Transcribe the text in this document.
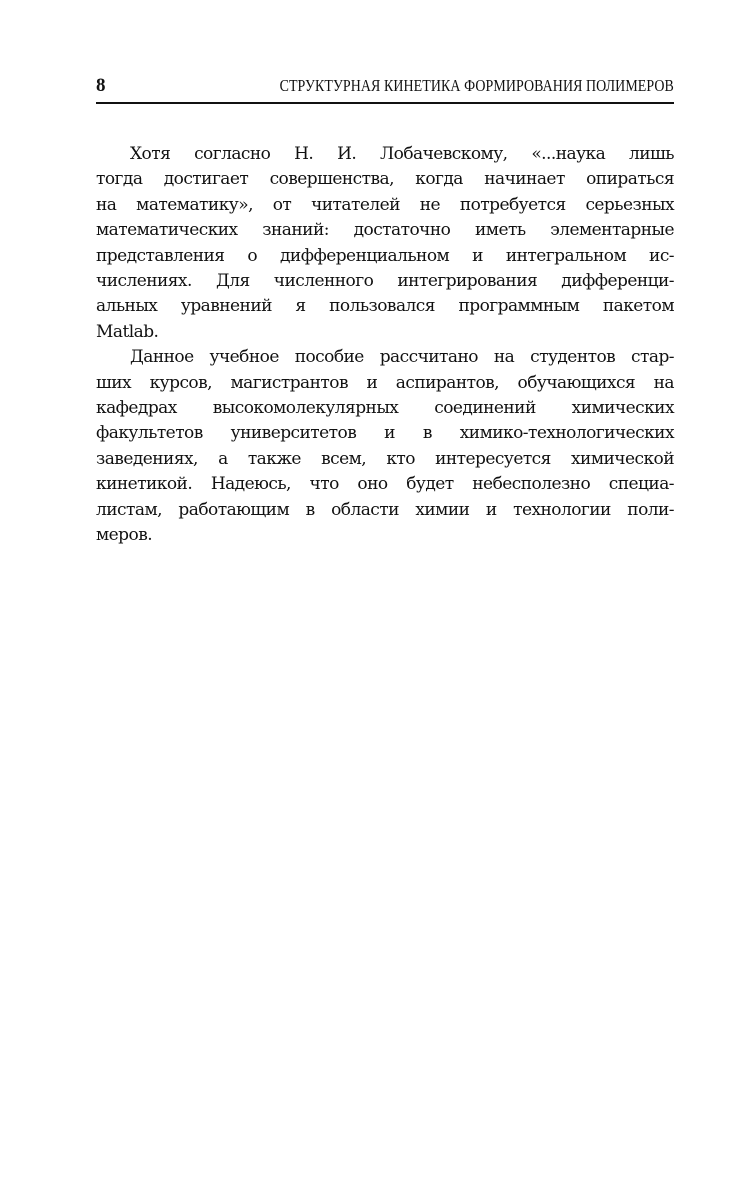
8	СТРУКТУРНАЯ КИНЕТИКА ФОРМИРОВАНИЯ ПОЛИМЕРОВ
Хотя согласно Н. И. Лобачевскому, «...наука лишь
тогда достигает совершенства, когда начинает опираться
на математику», от читателей не потребуется серьезных
математических знаний: достаточно иметь элементарные
представления о дифференциальном и интегральном ис-
числениях. Для численного интегрирования дифференци-
альных уравнений я пользовался программным пакетом
Matlab.
Данное учебное пособие рассчитано на студентов стар-
ших курсов, магистрантов и аспирантов, обучающихся на
кафедрах высокомолекулярных соединений химических
факультетов университетов и в химико-технологических
заведениях, а также всем, кто интересуется химической
кинетикой. Надеюсь, что оно будет небесполезно специа-
листам, работающим в области химии и технологии поли-
меров.
